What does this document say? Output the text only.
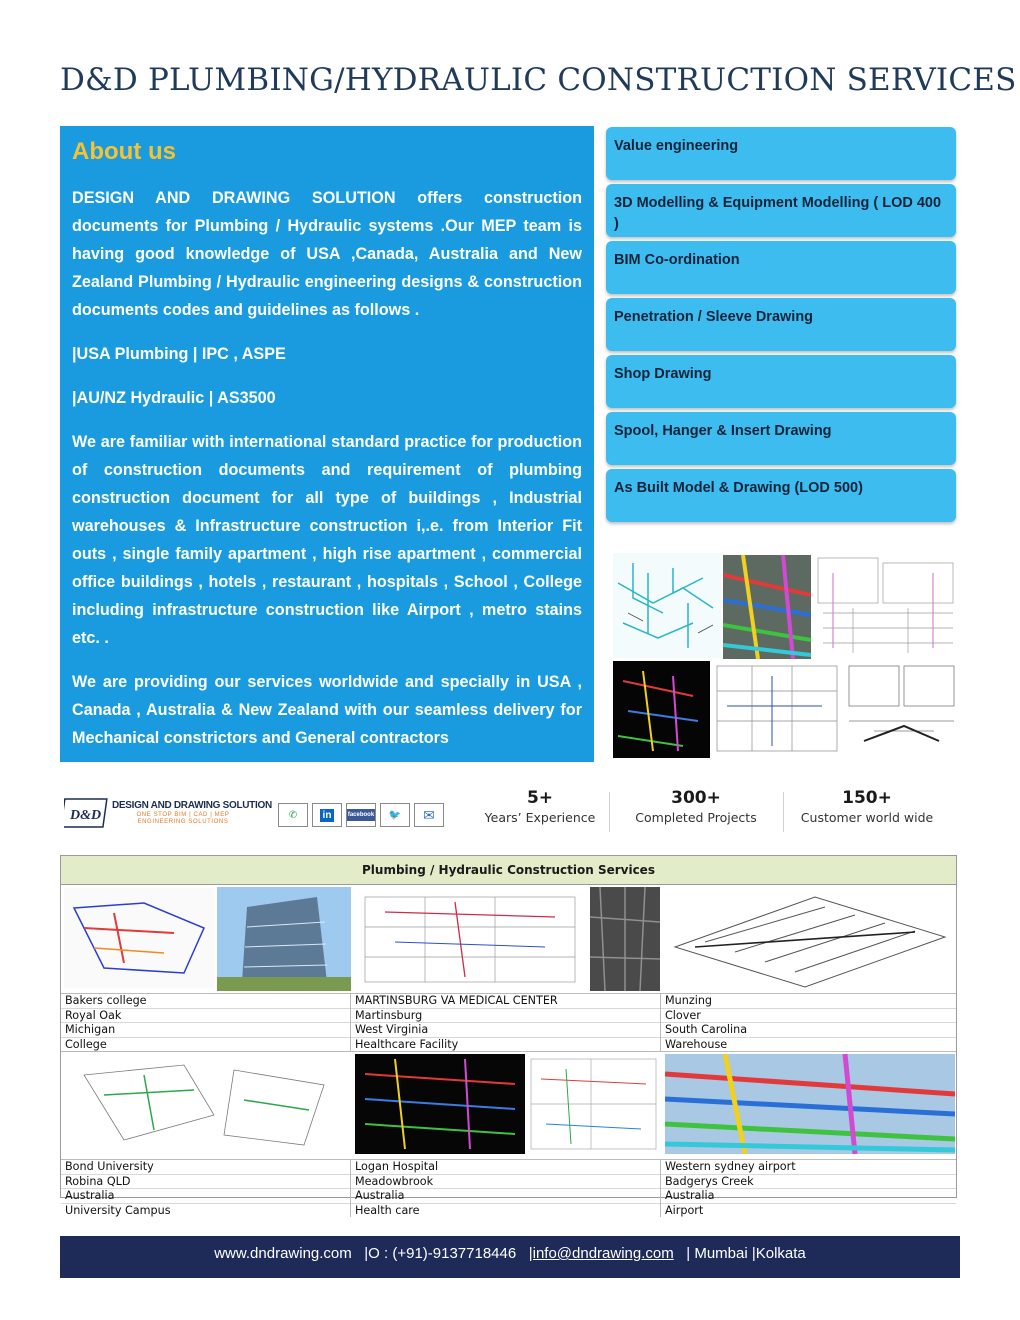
D&D PLUMBING/HYDRAULIC CONSTRUCTION SERVICES
About us

DESIGN AND DRAWING SOLUTION offers construction documents for Plumbing / Hydraulic systems .Our MEP team is having good knowledge of USA ,Canada, Australia and New Zealand Plumbing / Hydraulic engineering designs & construction documents codes and guidelines as follows .

|USA Plumbing | IPC , ASPE

|AU/NZ Hydraulic | AS3500

We are familiar with international standard practice for production of construction documents and requirement of plumbing construction document for all type of buildings , Industrial warehouses & Infrastructure construction i,.e. from Interior Fit outs , single family apartment , high rise apartment , commercial office buildings , hotels , restaurant , hospitals , School , College including infrastructure construction like Airport , metro stains etc. .

We are providing our services worldwide and specially in USA , Canada , Australia & New Zealand with our seamless delivery for Mechanical constrictors and General contractors

Value engineering
3D Modelling & Equipment Modelling ( LOD 400 )
BIM Co-ordination
Penetration / Sleeve Drawing
Shop Drawing
Spool, Hanger & Insert Drawing
As Built Model & Drawing (LOD 500)
D&D
DESIGN AND DRAWING SOLUTION
ONE STOP BIM | CAD | MEP ENGINEERING SOLUTIONS
✆	in	facebook 🐦 ✉
5+
Years’ Experience
300+
Completed Projects
150+
Customer world wide
Plumbing / Hydraulic Construction Services
Bakers college
Royal Oak
Michigan
College
MARTINSBURG VA MEDICAL CENTER
Martinsburg
West Virginia
Healthcare Facility
Munzing
Clover
South Carolina
Warehouse
Bond University
Robina QLD
Australia
University Campus
Logan Hospital
Meadowbrook
Australia
Health care
Western sydney airport
Badgerys Creek
Australia
Airport
www.dndrawing.com |O : (+91)-9137718446 |info@dndrawing.com | Mumbai |Kolkata
